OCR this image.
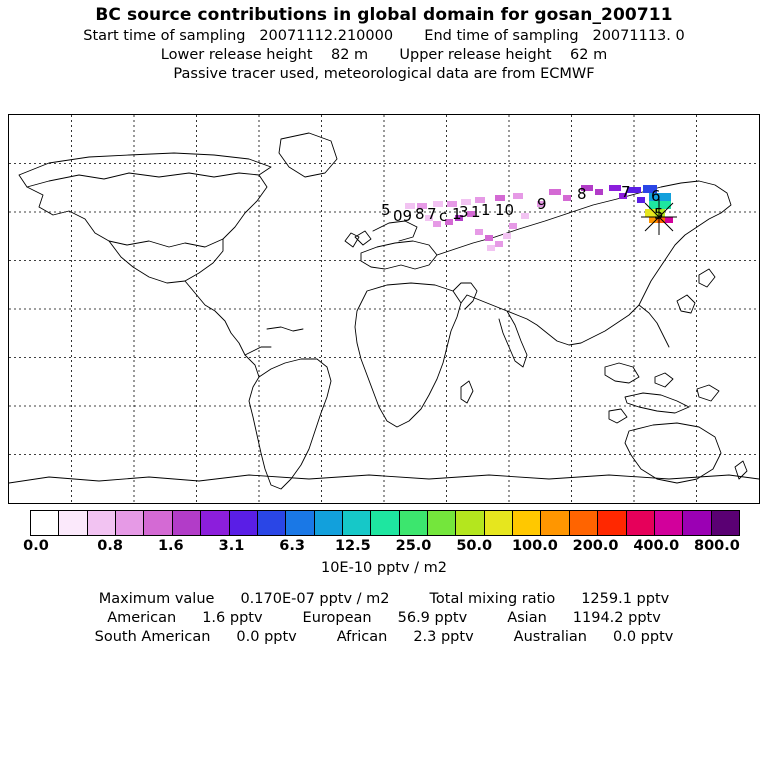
BC source contributions in global domain for gosan_200711
Start time of sampling 20071112.210000 End time of sampling 20071113. 0
Lower release height 82 m Upper release height 62 m
Passive tracer used, meteorological data are from ECMWF
5 09 8 7 c 1
3 1 1 10 9
8 7 6
5
0.0	0.8 1.6 3.1 6.3 12.5 25.0 50.0 100.0 200.0 400.0 800.0
10E-10 pptv / m2
Maximum value 0.170E-07 pptv / m2	Total mixing ratio 1259.1 pptv
American 1.6 pptv	European 56.9 pptv	Asian 1194.2 pptv
South American 0.0 pptv	African 2.3 pptv	Australian 0.0 pptv
